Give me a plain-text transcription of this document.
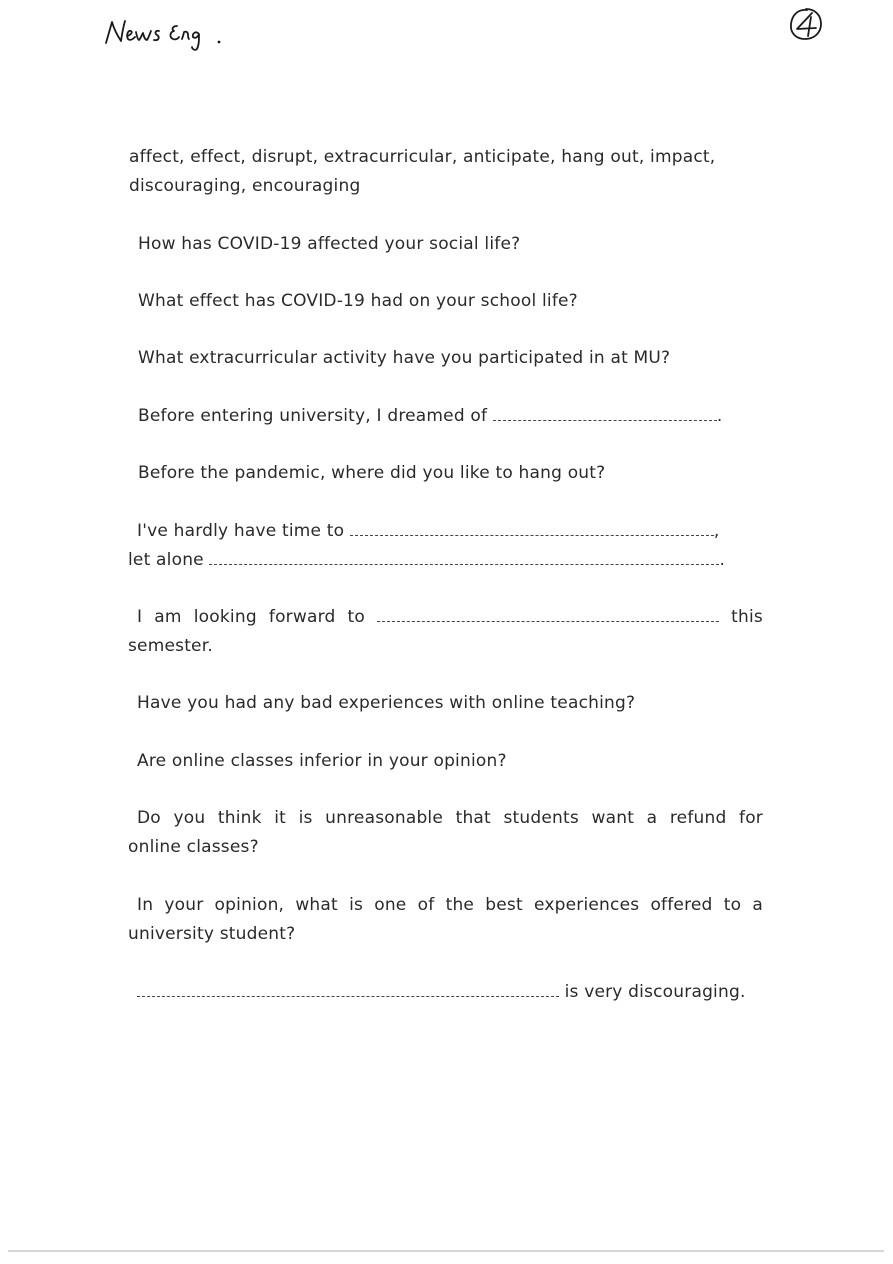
affect, effect, disrupt, extracurricular, anticipate, hang out, impact,
discouraging, encouraging
How has COVID-19 affected your social life?
What effect has COVID-19 had on your school life?
What extracurricular activity have you participated in at MU?
Before entering university, I dreamed of	.
Before the pandemic, where did you like to hang out?
I've hardly have time to	,
let alone	.
I am looking forward to	this
semester.
Have you had any bad experiences with online teaching?
Are online classes inferior in your opinion?
Do you think it is unreasonable that students want a refund for
online classes?
In your opinion, what is one of the best experiences offered to a
university student?
is very discouraging.
